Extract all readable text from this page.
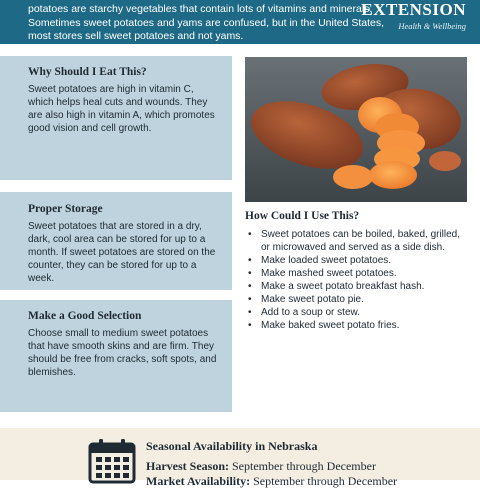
potatoes are starchy vegetables that contain lots of vitamins and minerals. Sometimes sweet potatoes and yams are confused, but in the United States, most stores sell sweet potatoes and not yams.

EXTENSION
Health & Wellbeing
Why Should I Eat This?

Sweet potatoes are high in vitamin C, which helps heal cuts and wounds. They are also high in vitamin A, which promotes good vision and cell growth.

Proper Storage

Sweet potatoes that are stored in a dry, dark, cool area can be stored for up to a month. If sweet potatoes are stored on the counter, they can be stored for up to a week.

Make a Good Selection

Choose small to medium sweet potatoes that have smooth skins and are firm. They should be free from cracks, soft spots, and blemishes.

How Could I Use This?
• Sweet potatoes can be boiled, baked, grilled, or microwaved and served as a side dish.
• Make loaded sweet potatoes.
• Make mashed sweet potatoes.
• Make a sweet potato breakfast hash.
• Make sweet potato pie.
• Add to a soup or stew.
• Make baked sweet potato fries.
Seasonal Availability in Nebraska
Harvest Season: September through December
Market Availability: September through December
